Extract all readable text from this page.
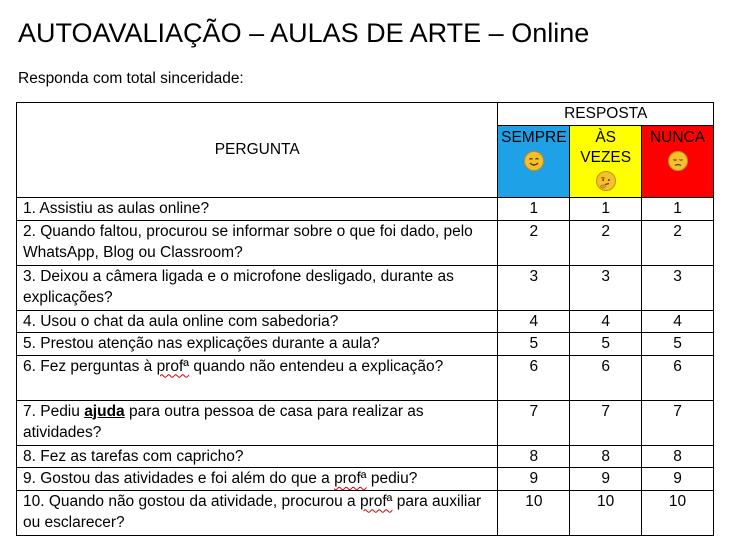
AUTOAVALIAÇÃO – AULAS DE ARTE – Online
Responda com total sinceridade:
PERGUNTA	RESPOSTA		

	SEMPRE	ÀS VEZES	NUNCA

1. Assistiu as aulas online?	1	1	1
2. Quando faltou, procurou se informar sobre o que foi dado, pelo WhatsApp, Blog ou Classroom?	2	2	2
3. Deixou a câmera ligada e o microfone desligado, durante as explicações?	3	3	3
4. Usou o chat da aula online com sabedoria?	4	4	4
5. Prestou atenção nas explicações durante a aula?	5	5	5
6. Fez perguntas à profª quando não entendeu a explicação?	6	6	6
7. Pediu ajuda para outra pessoa de casa para realizar as atividades?	7	7	7
8. Fez as tarefas com capricho?	8	8	8
9. Gostou das atividades e foi além do que a profª pediu?	9	9	9
10. Quando não gostou da atividade, procurou a profª para auxiliar ou esclarecer?	10	10	10
